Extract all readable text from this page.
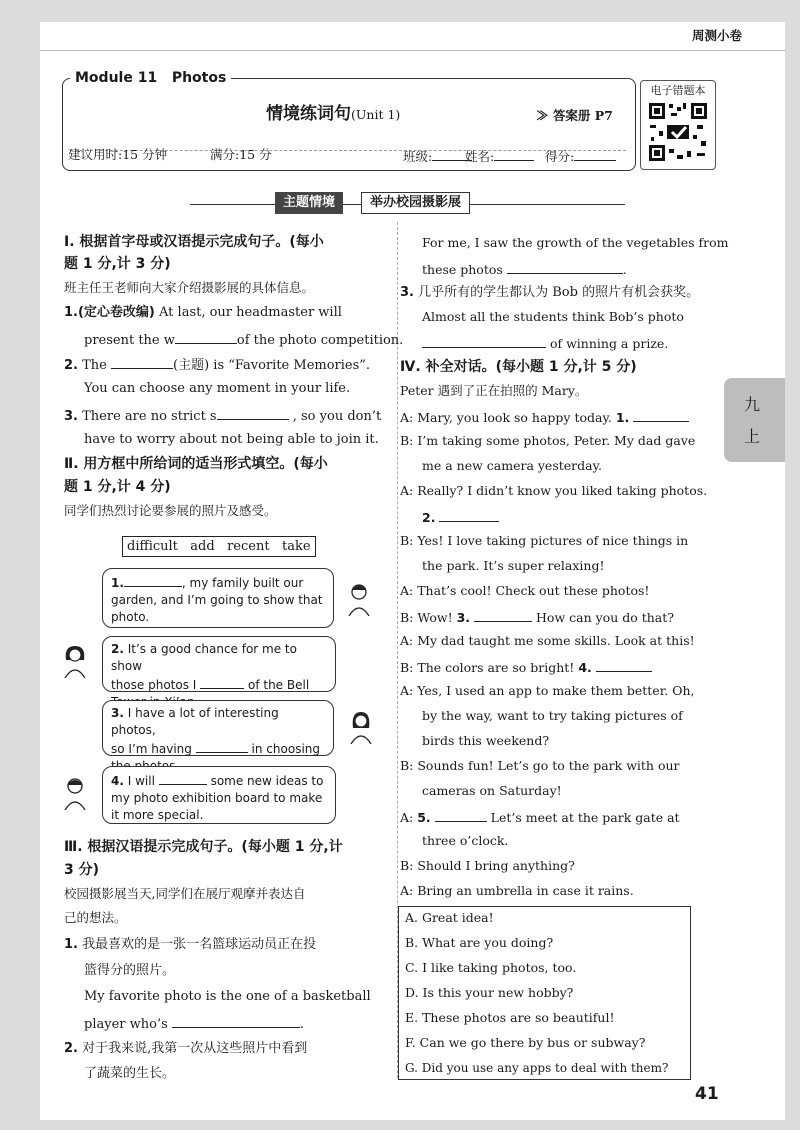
周测小卷
Module 11 Photos
情境练词句(Unit 1)	≫ 答案册 P7
建议用时:15 分钟	满分:15 分	班级:	姓名:	得分:
电子错题本
主题情境	举办校园摄影展
九
上
Ⅰ. 根据首字母或汉语提示完成句子。(每小
题 1 分,计 3 分)
班主任王老师向大家介绍摄影展的具体信息。
1.(定心卷改编) At last, our headmaster will
present the w	of the photo competition.
2. The	(主题) is “Favorite Memories”.
You can choose any moment in your life.
3. There are no strict s	, so you don’t
have to worry about not being able to join it.
Ⅱ. 用方框中所给词的适当形式填空。(每小
题 1 分,计 4 分)
同学们热烈讨论要参展的照片及感受。
difficult   add   recent   take
1.	, my family built our
garden, and I’m going to show that
photo.
2. It’s a good chance for me to show
those photos I	of the Bell
3. I have a lot of interesting photos,
so I’m having	in choosing
4. I will	some new ideas to
my photo exhibition board to make
it more special.
Ⅲ. 根据汉语提示完成句子。(每小题 1 分,计
3 分)
校园摄影展当天,同学们在展厅观摩并表达自
己的想法。
1. 我最喜欢的是一张一名篮球运动员正在投
篮得分的照片。
My favorite photo is the one of a basketball
player who’s	.
2. 对于我来说,我第一次从这些照片中看到
了蔬菜的生长。
For me, I saw the growth of the vegetables from
these photos	.
3. 几乎所有的学生都认为 Bob 的照片有机会获奖。
Almost all the students think Bob’s photo
of winning a prize.
Ⅳ. 补全对话。(每小题 1 分,计 5 分)
Peter 遇到了正在拍照的 Mary。
A: Mary, you look so happy today. 1.
B: I’m taking some photos, Peter. My dad gave
me a new camera yesterday.
A: Really? I didn’t know you liked taking photos.
2.
B: Yes! I love taking pictures of nice things in
the park. It’s super relaxing!
A: That’s cool! Check out these photos!
B: Wow! 3.	How can you do that?
A: My dad taught me some skills. Look at this!
B: The colors are so bright! 4.
A: Yes, I used an app to make them better. Oh,
by the way, want to try taking pictures of
birds this weekend?
B: Sounds fun! Let’s go to the park with our
cameras on Saturday!
A: 5.	Let’s meet at the park gate at
three o’clock.
B: Should I bring anything?
A: Bring an umbrella in case it rains.
A. Great idea!
B. What are you doing?
C. I like taking photos, too.
D. Is this your new hobby?
E. These photos are so beautiful!
F. Can we go there by bus or subway?
G. Did you use any apps to deal with them?
41
